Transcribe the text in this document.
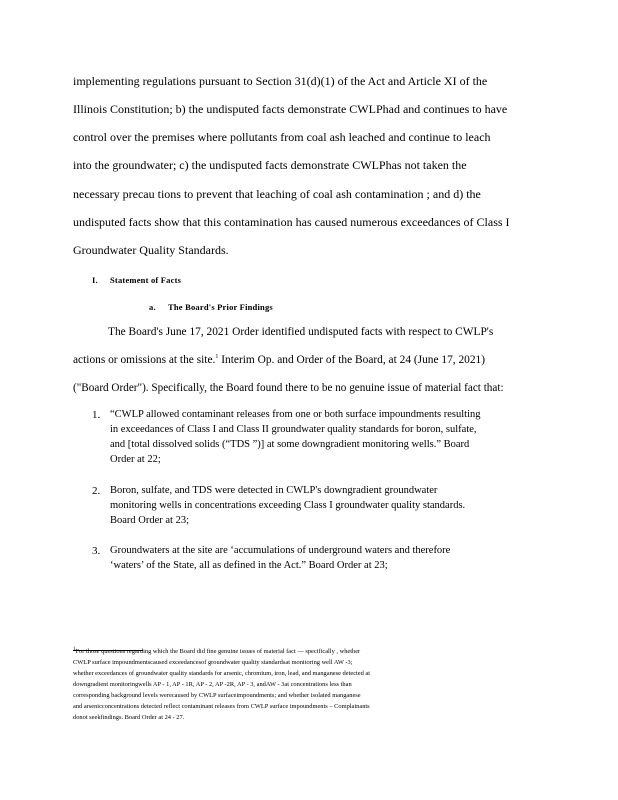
implementing regulations pursuant to Section 31(d)(1) of the Act and Article XI of the
Illinois Constitution; b) the undisputed facts demonstrate CWLPhad and continues to have
control over the premises where pollutants from coal ash leached and continue to leach
into the groundwater; c) the undisputed facts demonstrate CWLPhas not taken the
necessary precau tions to prevent that leaching of coal ash contamination ; and d) the
undisputed facts show that this contamination has caused numerous exceedances of Class I
Groundwater Quality Standards.
I. Statement of Facts
a. The Board's Prior Findings
The Board's June 17, 2021 Order identified undisputed facts with respect to CWLP's
actions or omissions at the site.$^1$ Interim Op. and Order of the Board, at 24 (June 17, 2021)
("Board Order"). Specifically, the Board found there to be no genuine issue of material fact that:
1. “CWLP allowed contaminant releases from one or both surface impoundments resulting
in exceedances of Class I and Class II groundwater quality standards for boron, sulfate,
and [total dissolved solids (“TDS ”)] at some downgradient monitoring wells.” Board
Order at 22;
2. Boron, sulfate, and TDS were detected in CWLP's downgradient groundwater
monitoring wells in concentrations exceeding Class I groundwater quality standards.
Board Order at 23;
3. Groundwaters at the site are ‘accumulations of underground waters and therefore
‘waters’ of the State, all as defined in the Act.” Board Order at 23;
$^1$For those questions regarding which the Board did fine genuine issues of material fact — specifically , whether
CWLP surface impoundmentscaused exceedancesof groundwater quality standardsat monitoring well AW -3;
whether exceedances of groundwater quality standards for arsenic, chromium, iron, lead, and manganese detected at
downgradient monitoringwells AP - 1, AP - 1R, AP - 2, AP -2R, AP - 3, andAW - 3at concentrations less than
corresponding background levels werecaused by CWLP surfaceimpoundments; and whether isolated manganese
and arsenicconcentrations detected reflect contaminant releases from CWLP surface impoundments – Complainants
donot seekfindings. Board Order at 24 - 27.
